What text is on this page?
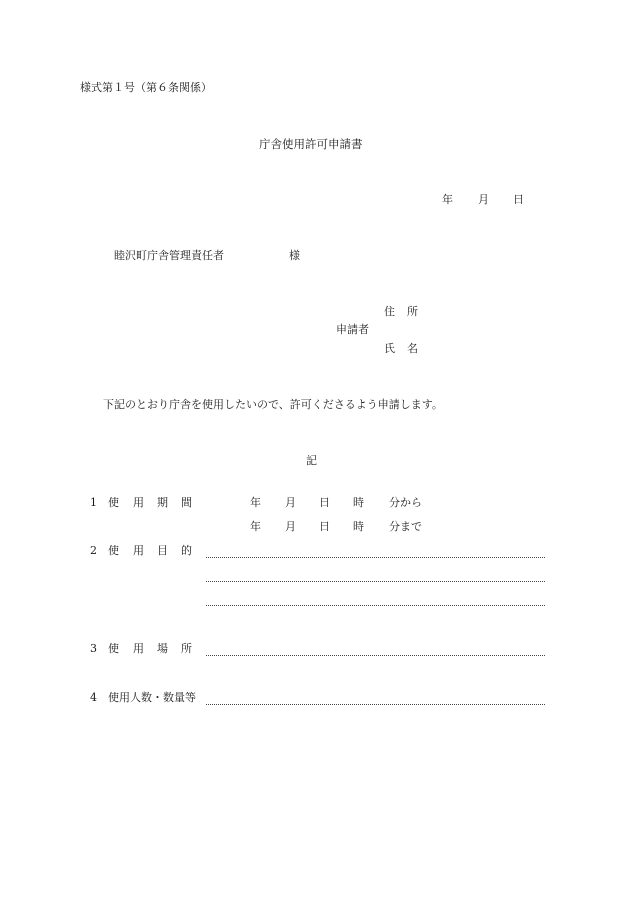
様式第１号（第６条関係）
庁舎使用許可申請書
年 月 日
睦沢町庁舎管理責任者	様
住 所
申請者
氏 名
下記のとおり庁舎を使用したいので、許可くださるよう申請します。
記
1 使 用 期 間	年 月 日 時 分から
年 月 日 時 分まで
2 使 用 目 的
3 使 用 場 所
4 使用人数・数量等
